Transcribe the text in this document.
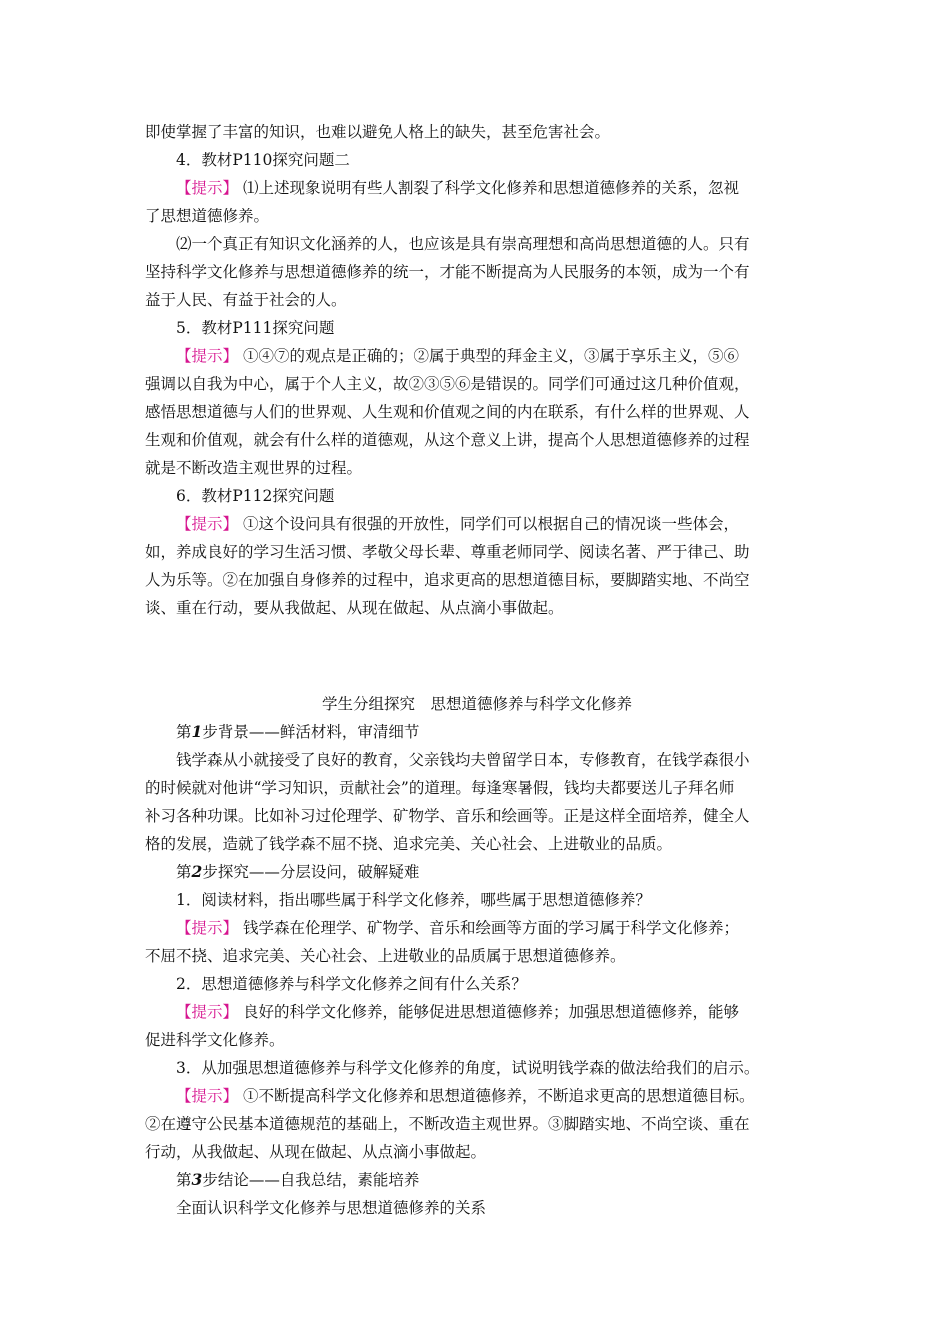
即使掌握了丰富的知识，也难以避免人格上的缺失，甚至危害社会。
4．教材P110探究问题二
【提示】 ⑴上述现象说明有些人割裂了科学文化修养和思想道德修养的关系，忽视
了思想道德修养。
⑵一个真正有知识文化涵养的人，也应该是具有崇高理想和高尚思想道德的人。只有
坚持科学文化修养与思想道德修养的统一，才能不断提高为人民服务的本领，成为一个有
益于人民、有益于社会的人。
5．教材P111探究问题
【提示】 ①④⑦的观点是正确的；②属于典型的拜金主义，③属于享乐主义，⑤⑥
强调以自我为中心，属于个人主义，故②③⑤⑥是错误的。同学们可通过这几种价值观，
感悟思想道德与人们的世界观、人生观和价值观之间的内在联系，有什么样的世界观、人
生观和价值观，就会有什么样的道德观，从这个意义上讲，提高个人思想道德修养的过程
就是不断改造主观世界的过程。
6．教材P112探究问题
【提示】 ①这个设问具有很强的开放性，同学们可以根据自己的情况谈一些体会，
如，养成良好的学习生活习惯、孝敬父母长辈、尊重老师同学、阅读名著、严于律己、助
人为乐等。②在加强自身修养的过程中，追求更高的思想道德目标，要脚踏实地、不尚空
谈、重在行动，要从我做起、从现在做起、从点滴小事做起。
学生分组探究　思想道德修养与科学文化修养
第1步背景——鲜活材料，审清细节
钱学森从小就接受了良好的教育，父亲钱均夫曾留学日本，专修教育，在钱学森很小
的时候就对他讲“学习知识，贡献社会”的道理。每逢寒暑假，钱均夫都要送儿子拜名师
补习各种功课。比如补习过伦理学、矿物学、音乐和绘画等。正是这样全面培养，健全人
格的发展，造就了钱学森不屈不挠、追求完美、关心社会、上进敬业的品质。
第2步探究——分层设问，破解疑难
1．阅读材料，指出哪些属于科学文化修养，哪些属于思想道德修养？
【提示】 钱学森在伦理学、矿物学、音乐和绘画等方面的学习属于科学文化修养；
不屈不挠、追求完美、关心社会、上进敬业的品质属于思想道德修养。
2．思想道德修养与科学文化修养之间有什么关系？
【提示】 良好的科学文化修养，能够促进思想道德修养；加强思想道德修养，能够
促进科学文化修养。
3．从加强思想道德修养与科学文化修养的角度，试说明钱学森的做法给我们的启示。
【提示】 ①不断提高科学文化修养和思想道德修养，不断追求更高的思想道德目标。
②在遵守公民基本道德规范的基础上，不断改造主观世界。③脚踏实地、不尚空谈、重在
行动，从我做起、从现在做起、从点滴小事做起。
第3步结论——自我总结，素能培养
全面认识科学文化修养与思想道德修养的关系
